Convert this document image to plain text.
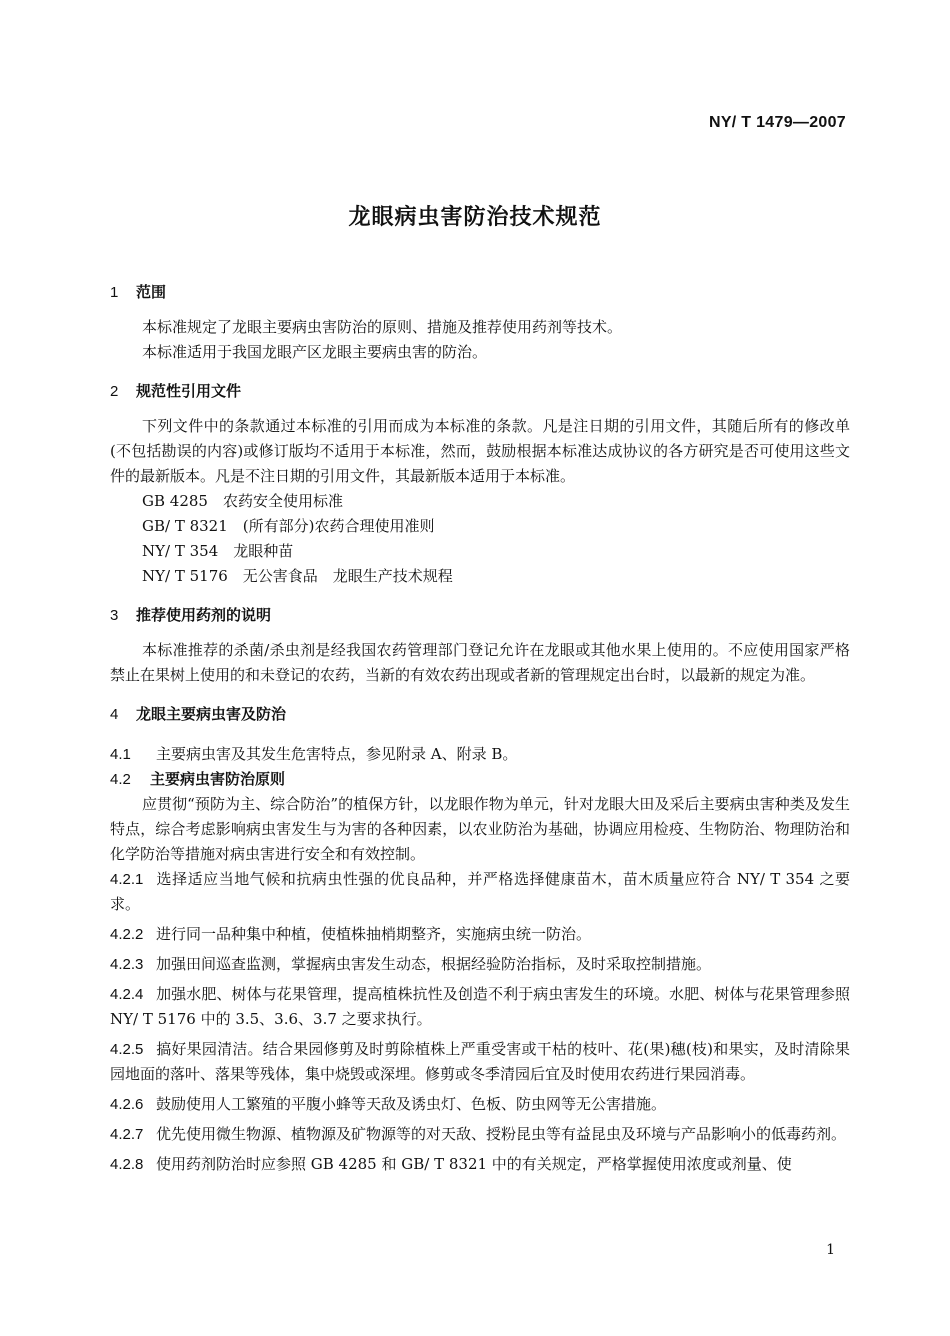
NY/ T 1479—2007
龙眼病虫害防治技术规范
1 范围
本标准规定了龙眼主要病虫害防治的原则、措施及推荐使用药剂等技术。
本标准适用于我国龙眼产区龙眼主要病虫害的防治。
2 规范性引用文件
下列文件中的条款通过本标准的引用而成为本标准的条款。凡是注日期的引用文件，其随后所有的修改单(不包括勘误的内容)或修订版均不适用于本标准，然而，鼓励根据本标准达成协议的各方研究是否可使用这些文件的最新版本。凡是不注日期的引用文件，其最新版本适用于本标准。
GB 4285　农药安全使用标准
GB/ T 8321　(所有部分)农药合理使用准则
NY/ T 354　龙眼种苗
NY/ T 5176　无公害食品　龙眼生产技术规程
3 推荐使用药剂的说明
本标准推荐的杀菌/杀虫剂是经我国农药管理部门登记允许在龙眼或其他水果上使用的。不应使用国家严格禁止在果树上使用的和未登记的农药，当新的有效农药出现或者新的管理规定出台时，以最新的规定为准。
4 龙眼主要病虫害及防治
4.1 主要病虫害及其发生危害特点，参见附录 A、附录 B。
4.2 主要病虫害防治原则
应贯彻“预防为主、综合防治”的植保方针，以龙眼作物为单元，针对龙眼大田及采后主要病虫害种类及发生特点，综合考虑影响病虫害发生与为害的各种因素，以农业防治为基础，协调应用检疫、生物防治、物理防治和化学防治等措施对病虫害进行安全和有效控制。
4.2.1 选择适应当地气候和抗病虫性强的优良品种，并严格选择健康苗木，苗木质量应符合 NY/ T 354 之要求。
4.2.2 进行同一品种集中种植，使植株抽梢期整齐，实施病虫统一防治。
4.2.3 加强田间巡查监测，掌握病虫害发生动态，根据经验防治指标，及时采取控制措施。
4.2.4 加强水肥、树体与花果管理，提高植株抗性及创造不利于病虫害发生的环境。水肥、树体与花果管理参照 NY/ T 5176 中的 3.5、3.6、3.7 之要求执行。
4.2.5 搞好果园清洁。结合果园修剪及时剪除植株上严重受害或干枯的枝叶、花(果)穗(枝)和果实，及时清除果园地面的落叶、落果等残体，集中烧毁或深埋。修剪或冬季清园后宜及时使用农药进行果园消毒。
4.2.6 鼓励使用人工繁殖的平腹小蜂等天敌及诱虫灯、色板、防虫网等无公害措施。
4.2.7 优先使用微生物源、植物源及矿物源等的对天敌、授粉昆虫等有益昆虫及环境与产品影响小的低毒药剂。
4.2.8 使用药剂防治时应参照 GB 4285 和 GB/ T 8321 中的有关规定，严格掌握使用浓度或剂量、使
1
